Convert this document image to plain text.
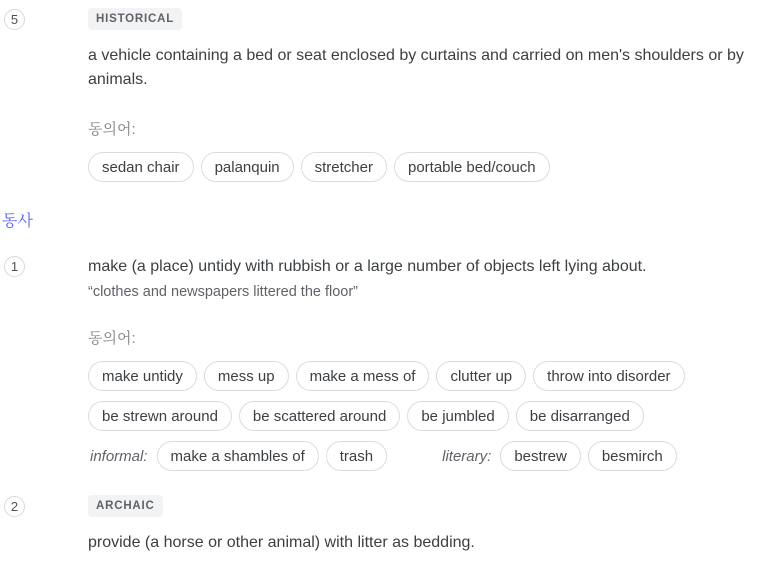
5	HISTORICAL

a vehicle containing a bed or seat enclosed by curtains and carried on men's shoulders or by animals.

동의어:
sedan chair	palanquin	stretcher	portable bed/couch
동사
1	make (a place) untidy with rubbish or a large number of objects left lying about.

“clothes and newspapers littered the floor”
동의어:
make untidy	mess up	make a mess of	clutter up	throw into disorder
be strewn around	be scattered around	be jumbled	be disarranged
informal:	make a shambles of	trash	literary:	bestrew	besmirch
2	ARCHAIC

provide (a horse or other animal) with litter as bedding.
